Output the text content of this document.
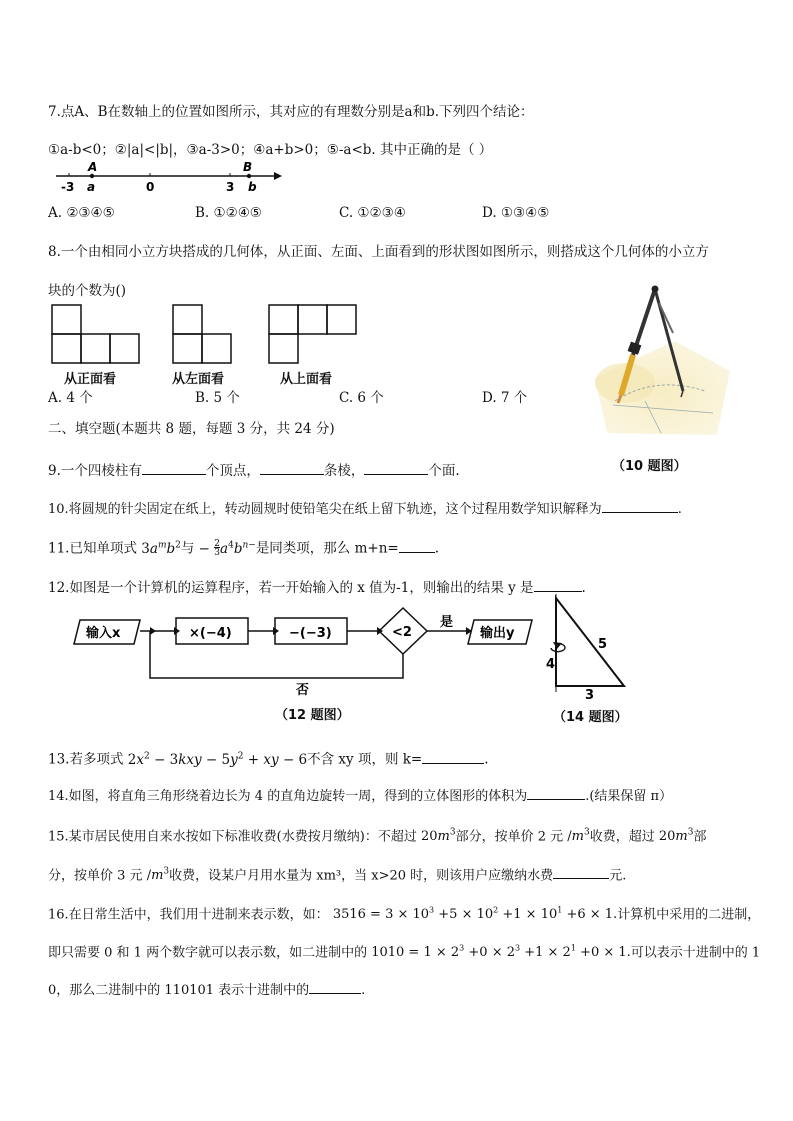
7.点A、B在数轴上的位置如图所示，其对应的有理数分别是a和b.下列四个结论：
①a-b<0；②|a|<|b|，③a-3>0；④a+b>0；⑤-a<b. 其中正确的是（ ）
A	B
-3 a	0	3 b
A. ②③④⑤	B. ①②④⑤	C. ①②③④	D. ①③④⑤
8.一个由相同小立方块搭成的几何体，从正面、左面、上面看到的形状图如图所示，则搭成这个几何体的小立方
块的个数为()
从正面看	从左面看	从上面看
A. 4 个	B. 5 个	C. 6 个	D. 7 个
（10 题图）
二、填空题(本题共 8 题，每题 3 分，共 24 分)
9.一个四棱柱有	个顶点，	条棱，	个面.
10.将圆规的针尖固定在纸上，转动圆规时使铅笔尖在纸上留下轨迹，这个过程用数学知识解释为	.
11.已知单项式 $3a^mb^2$与 − 2
$3a^4b^{n-}$是同类项，那么 m+n=	.
12.如图是一个计算机的运算程序，若一开始输入的 x 值为-1，则输出的结果 y 是	.
输入x	×(−4)	−(−3)	<2
是
输出y
否
（12 题图）
4
5
3
（14 题图）
13.若多项式 $2x^2 - 3kxy - 5y^2$ + xy − 6不含 xy 项，则 k=	.
14.如图，将直角三角形绕着边长为 4 的直角边旋转一周，得到的立体图形的体积为	.(结果保留 π）
15.某市居民使用自来水按如下标准收费(水费按月缴纳)：不超过 $20m^3$部分，按单价 2 元 $/m^3$收费，超过 $20m^3$部
分，按单价 3 元 $/m^3$收费，设某户月用水量为 xm³，当 x>20 时，则该用户应缴纳水费	元.
16.在日常生活中，我们用十进制来表示数，如： $3516 = 3 \times 10^3 +5 \times 10^2 +1 \times 10^1 +6 \times 1$.计算机中采用的二进制，
即只需要 0 和 1 两个数字就可以表示数，如二进制中的 $1010 = 1 \times 2^3 +0 \times 2^3 +1 \times 2^1 +0 \times 1$.可以表示十进制中的 1
0，那么二进制中的 110101 表示十进制中的	.
